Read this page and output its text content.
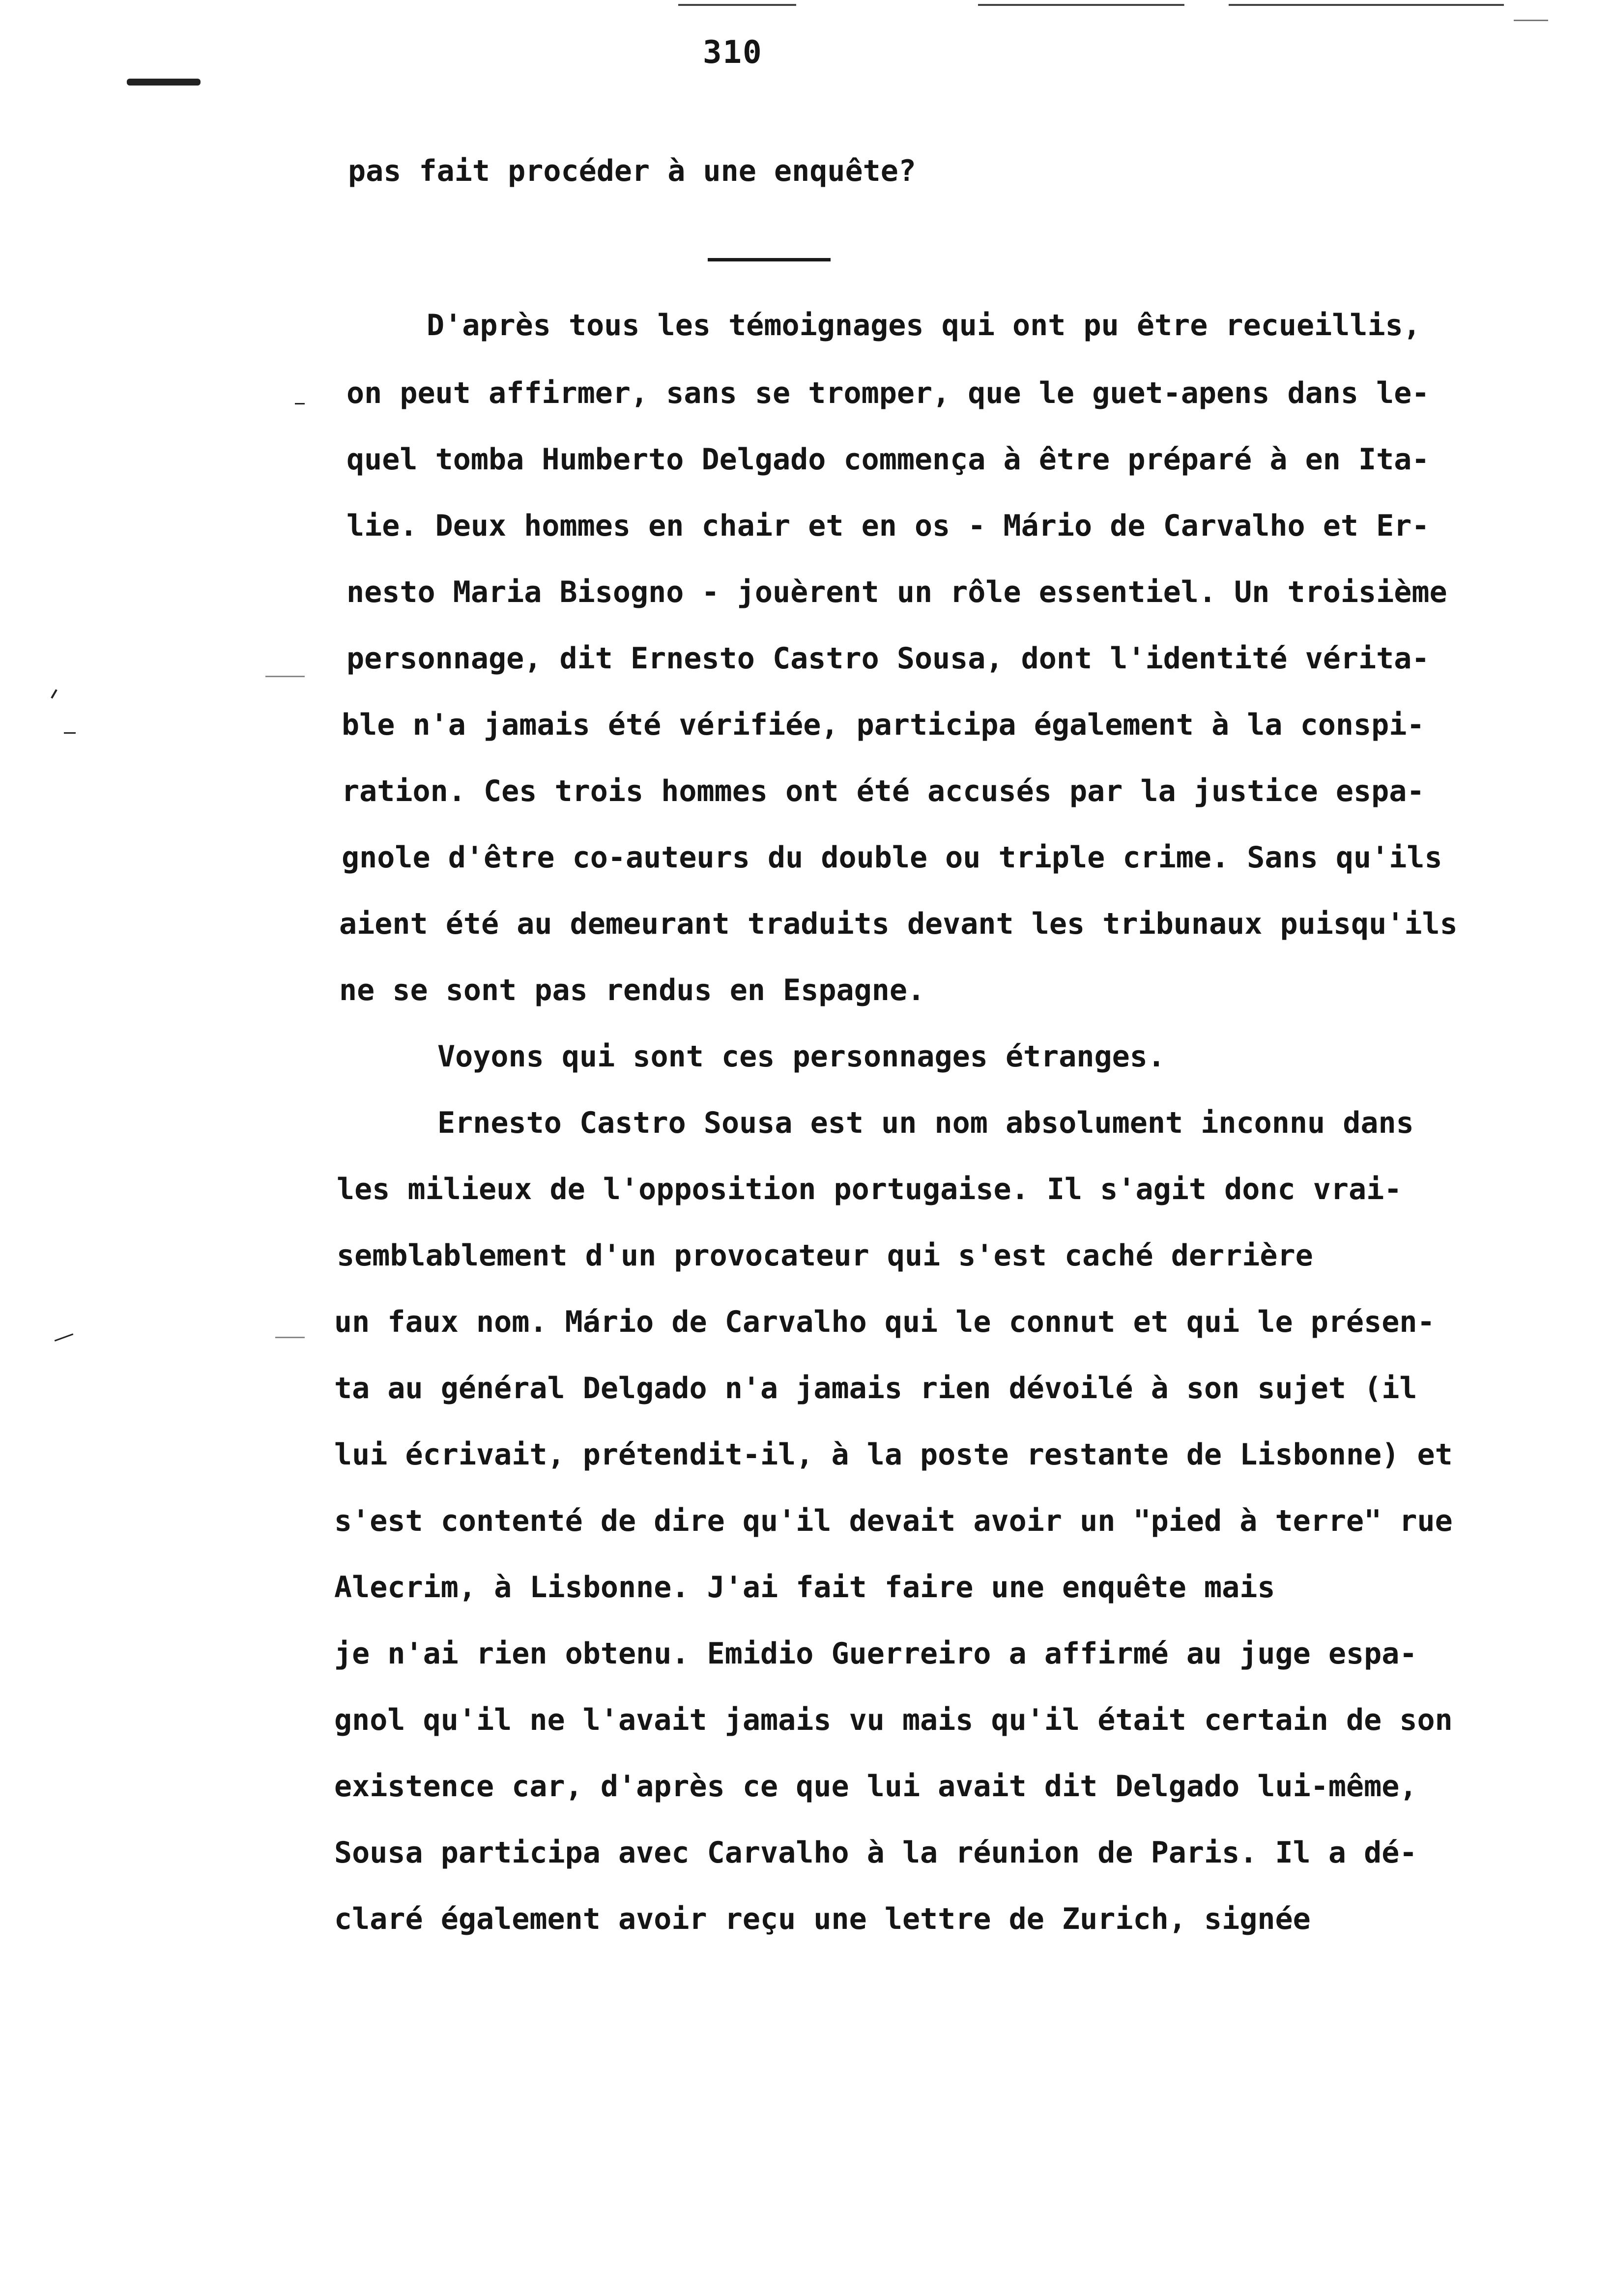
310
pas fait procéder à une enquête?
D'après tous les témoignages qui ont pu être recueillis,
on peut affirmer, sans se tromper, que le guet-apens dans le-
quel tomba Humberto Delgado commença à être préparé à en Ita-
lie. Deux hommes en chair et en os - Mário de Carvalho et Er-
nesto Maria Bisogno - jouèrent un rôle essentiel. Un troisième
personnage, dit Ernesto Castro Sousa, dont l'identité vérita-
ble n'a jamais été vérifiée, participa également à la conspi-
ration. Ces trois hommes ont été accusés par la justice espa-
gnole d'être co-auteurs du double ou triple crime. Sans qu'ils
aient été au demeurant traduits devant les tribunaux puisqu'ils
ne se sont pas rendus en Espagne.
Voyons qui sont ces personnages étranges.
Ernesto Castro Sousa est un nom absolument inconnu dans
les milieux de l'opposition portugaise. Il s'agit donc vrai-
semblablement d'un provocateur qui s'est caché derrière
un faux nom. Mário de Carvalho qui le connut et qui le présen-
ta au général Delgado n'a jamais rien dévoilé à son sujet (il
lui écrivait, prétendit-il, à la poste restante de Lisbonne) et
s'est contenté de dire qu'il devait avoir un "pied à terre" rue
Alecrim, à Lisbonne. J'ai fait faire une enquête mais
je n'ai rien obtenu. Emidio Guerreiro a affirmé au juge espa-
gnol qu'il ne l'avait jamais vu mais qu'il était certain de son
existence car, d'après ce que lui avait dit Delgado lui-même,
Sousa participa avec Carvalho à la réunion de Paris. Il a dé-
claré également avoir reçu une lettre de Zurich, signée
